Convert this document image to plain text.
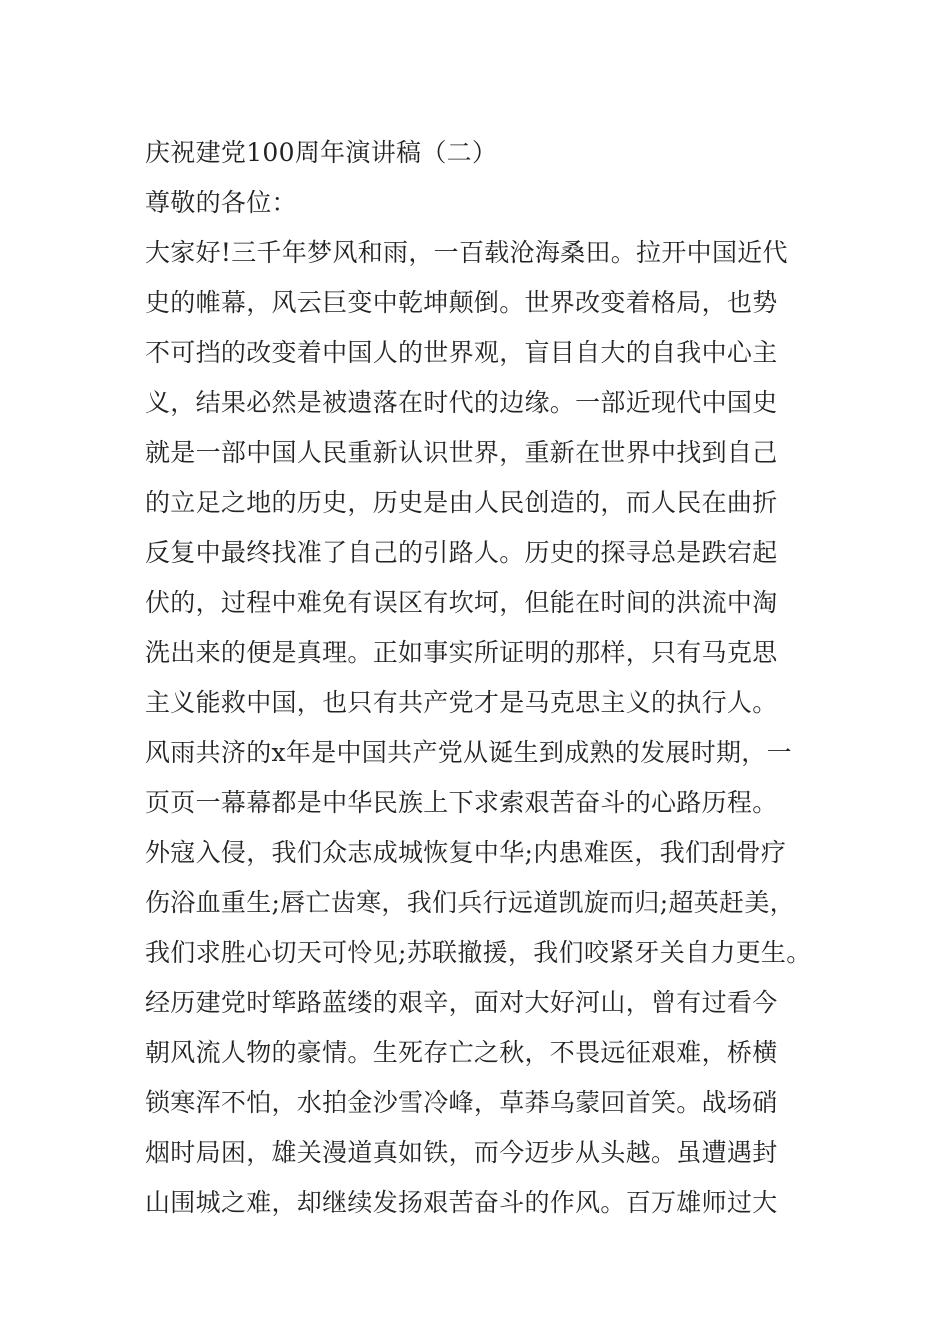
庆祝建党100周年演讲稿（二）
尊敬的各位：
大家好!三千年梦风和雨，一百载沧海桑田。拉开中国近代
史的帷幕，风云巨变中乾坤颠倒。世界改变着格局，也势
不可挡的改变着中国人的世界观，盲目自大的自我中心主
义，结果必然是被遗落在时代的边缘。一部近现代中国史
就是一部中国人民重新认识世界，重新在世界中找到自己
的立足之地的历史，历史是由人民创造的，而人民在曲折
反复中最终找准了自己的引路人。历史的探寻总是跌宕起
伏的，过程中难免有误区有坎坷，但能在时间的洪流中淘
洗出来的便是真理。正如事实所证明的那样，只有马克思
主义能救中国，也只有共产党才是马克思主义的执行人。
风雨共济的x年是中国共产党从诞生到成熟的发展时期，一
页页一幕幕都是中华民族上下求索艰苦奋斗的心路历程。
外寇入侵，我们众志成城恢复中华;内患难医，我们刮骨疗
伤浴血重生;唇亡齿寒，我们兵行远道凯旋而归;超英赶美，
我们求胜心切天可怜见;苏联撤援，我们咬紧牙关自力更生。
经历建党时筚路蓝缕的艰辛，面对大好河山，曾有过看今
朝风流人物的豪情。生死存亡之秋，不畏远征艰难，桥横
锁寒浑不怕，水拍金沙雪冷峰，草莽乌蒙回首笑。战场硝
烟时局困，雄关漫道真如铁，而今迈步从头越。虽遭遇封
山围城之难，却继续发扬艰苦奋斗的作风。百万雄师过大
